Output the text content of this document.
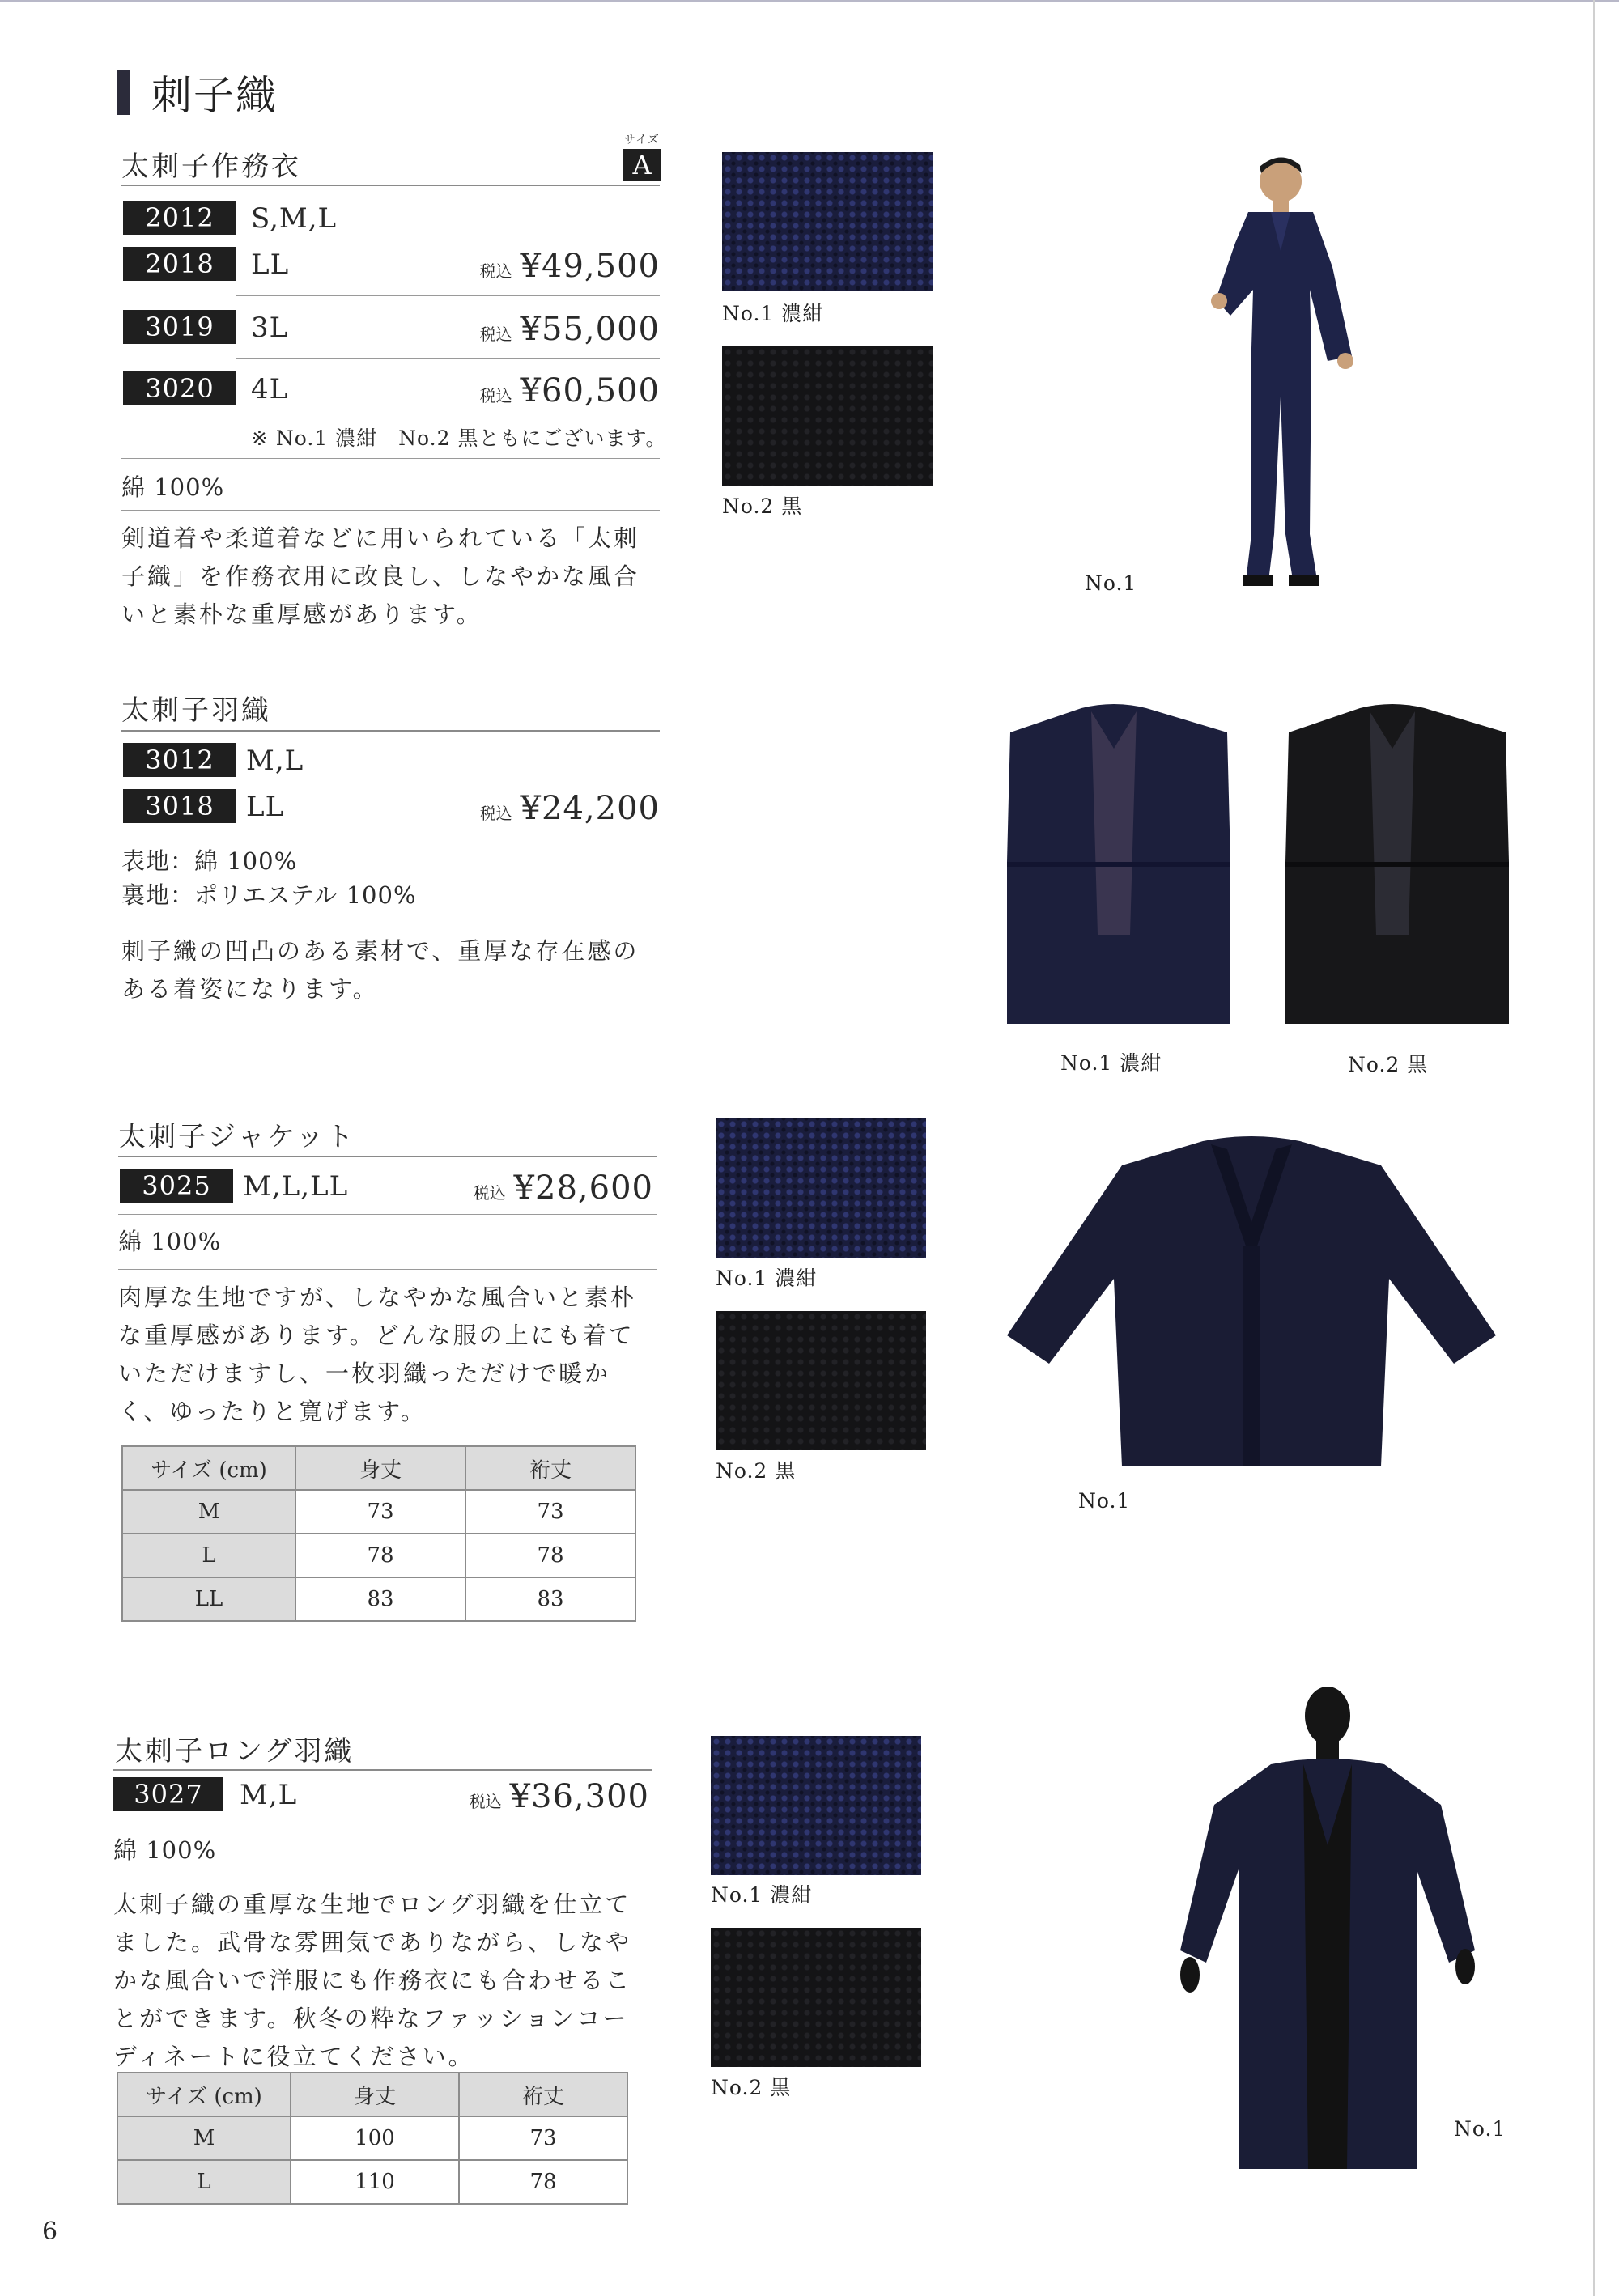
刺子織
太刺子作務衣
サイズ
A
2012	S,M,L
2018	LL	税込 ¥49,500
3019	3L	税込 ¥55,000
3020	4L	税込 ¥60,500
※ No.1 濃紺　No.2 黒ともにございます。
綿 100%
剣道着や柔道着などに用いられている「太刺子織」を作務衣用に改良し、しなやかな風合いと素朴な重厚感があります。
No.1 濃紺
No.2 黒
No.1
太刺子羽織
3012	M,L
3018	LL	税込 ¥24,200
表地：綿 100%
裏地：ポリエステル 100%
刺子織の凹凸のある素材で、重厚な存在感のある着姿になります。
No.1 濃紺	No.2 黒
太刺子ジャケット
3025	M,L,LL	税込 ¥28,600
綿 100%
肉厚な生地ですが、しなやかな風合いと素朴な重厚感があります。どんな服の上にも着ていただけますし、一枚羽織っただけで暖かく、ゆったりと寛げます。
サイズ (cm)	身丈	裄丈
M	73	73
L	78	78
LL	83	83
No.1 濃紺
No.2 黒
No.1
太刺子ロング羽織
3027	M,L	税込 ¥36,300
綿 100%
太刺子織の重厚な生地でロング羽織を仕立てました。武骨な雰囲気でありながら、しなやかな風合いで洋服にも作務衣にも合わせることができます。秋冬の粋なファッションコーディネートに役立てください。
サイズ (cm)	身丈	裄丈
M	100	73
L	110	78
No.1 濃紺
No.2 黒
No.1
6
